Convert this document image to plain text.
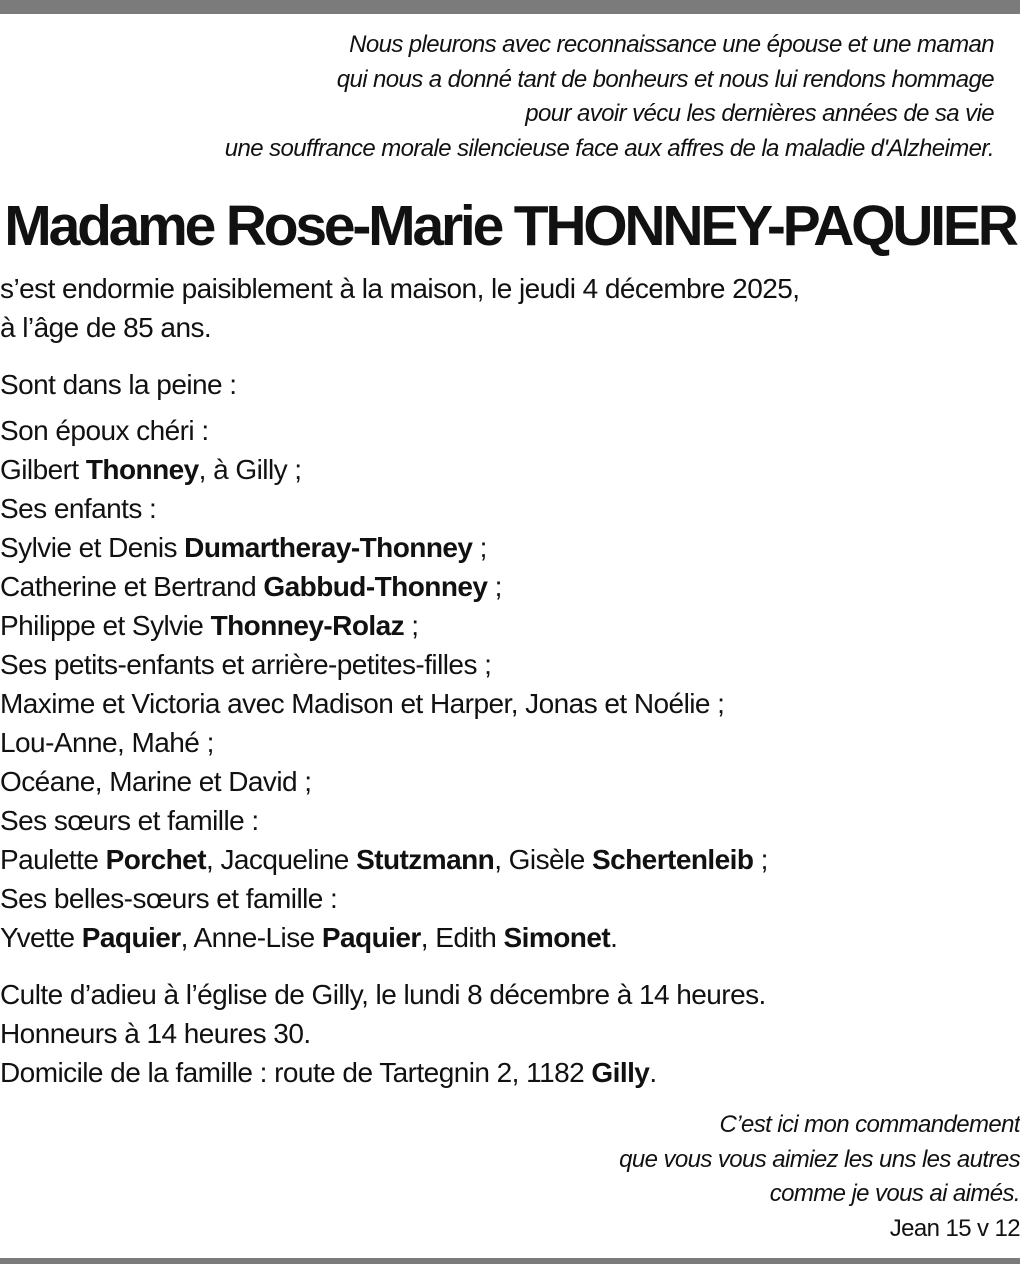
Nous pleurons avec reconnaissance une épouse et une maman
qui nous a donné tant de bonheurs et nous lui rendons hommage
pour avoir vécu les dernières années de sa vie
une souffrance morale silencieuse face aux affres de la maladie d'Alzheimer.
Madame Rose-Marie THONNEY-PAQUIER
s’est endormie paisiblement à la maison, le jeudi 4 décembre 2025,
à l’âge de 85 ans.
Sont dans la peine :
Son époux chéri :
Gilbert Thonney, à Gilly ;
Ses enfants :
Sylvie et Denis Dumartheray-Thonney ;
Catherine et Bertrand Gabbud-Thonney ;
Philippe et Sylvie Thonney-Rolaz ;
Ses petits-enfants et arrière-petites-filles ;
Maxime et Victoria avec Madison et Harper, Jonas et Noélie ;
Lou-Anne, Mahé ;
Océane, Marine et David ;
Ses sœurs et famille :
Paulette Porchet, Jacqueline Stutzmann, Gisèle Schertenleib ;
Ses belles-sœurs et famille :
Yvette Paquier, Anne-Lise Paquier, Edith Simonet.
Culte d’adieu à l’église de Gilly, le lundi 8 décembre à 14 heures.
Honneurs à 14 heures 30.
Domicile de la famille : route de Tartegnin 2, 1182 Gilly.
C’est ici mon commandement
que vous vous aimiez les uns les autres
comme je vous ai aimés.
Jean 15 v 12
